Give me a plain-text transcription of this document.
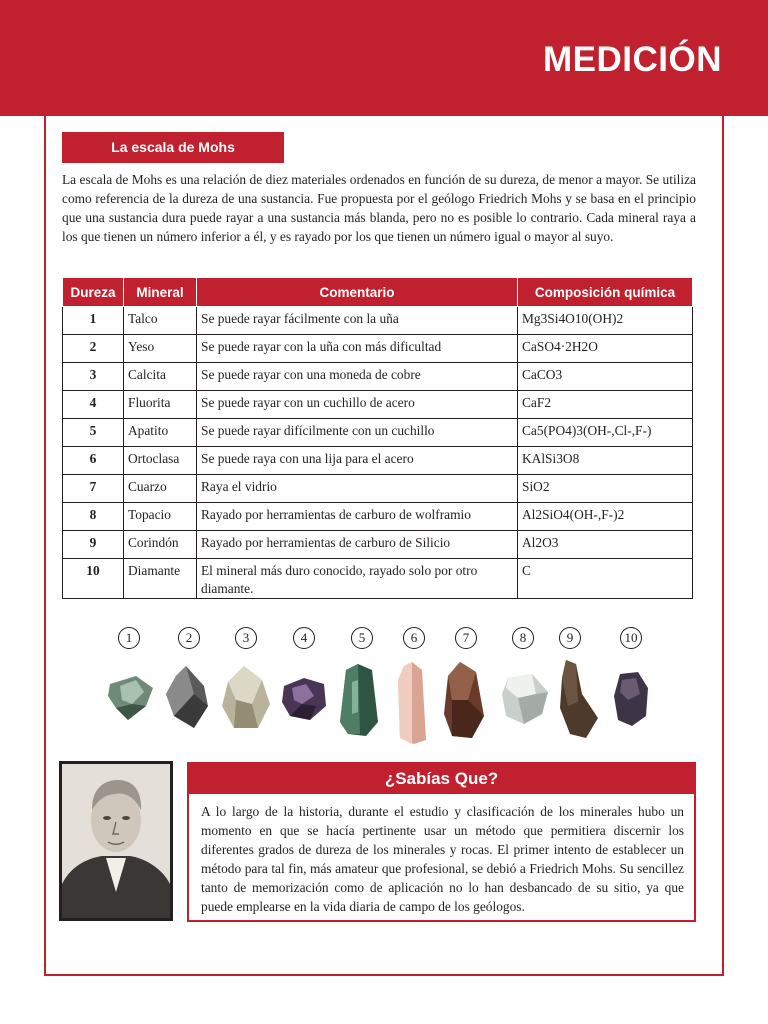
MEDICIÓN
La escala de Mohs
La escala de Mohs es una relación de diez materiales ordenados en función de su dureza, de menor a mayor. Se utiliza como referencia de la dureza de una sustancia. Fue propuesta por el geólogo Friedrich Mohs y se basa en el principio que una sustancia dura puede rayar a una sustancia más blanda, pero no es posible lo contrario. Cada mineral raya a los que tienen un número inferior a él, y es rayado por los que tienen un número igual o mayor al suyo.
Dureza	Mineral	Comentario	Composición química
1	Talco	Se puede rayar fácilmente con la uña	Mg3Si4O10(OH)2
2	Yeso	Se puede rayar con la uña con más dificultad	CaSO4·2H2O
3	Calcita	Se puede rayar con una moneda de cobre	CaCO3
4	Fluorita	Se puede rayar con un cuchillo de acero	CaF2
5	Apatito	Se puede rayar difícilmente con un cuchillo	Ca5(PO4)3(OH-,Cl-,F-)
6	Ortoclasa	Se puede raya con una lija para el acero	KAlSi3O8
7	Cuarzo	Raya el vidrio	SiO2
8	Topacio	Rayado por herramientas de carburo de wolframio	Al2SiO4(OH-,F-)2
9	Corindón	Rayado por herramientas de carburo de Silicio	Al2O3
10	Diamante	El mineral más duro conocido, rayado solo por otro diamante.	C
1	2	3	4	5	6	7	8	9	10
¿Sabías Que?
A lo largo de la historia, durante el estudio y clasificación de los minerales hubo un momento en que se hacía pertinente usar un método que permitiera discernir los diferentes grados de dureza de los minerales y rocas. El primer intento de establecer un método para tal fin, más amateur que profesional, se debió a Friedrich Mohs. Su sencillez tanto de memorización como de aplicación no lo han desbancado de su sitio, ya que puede emplearse en la vida diaria de campo de los geólogos.
